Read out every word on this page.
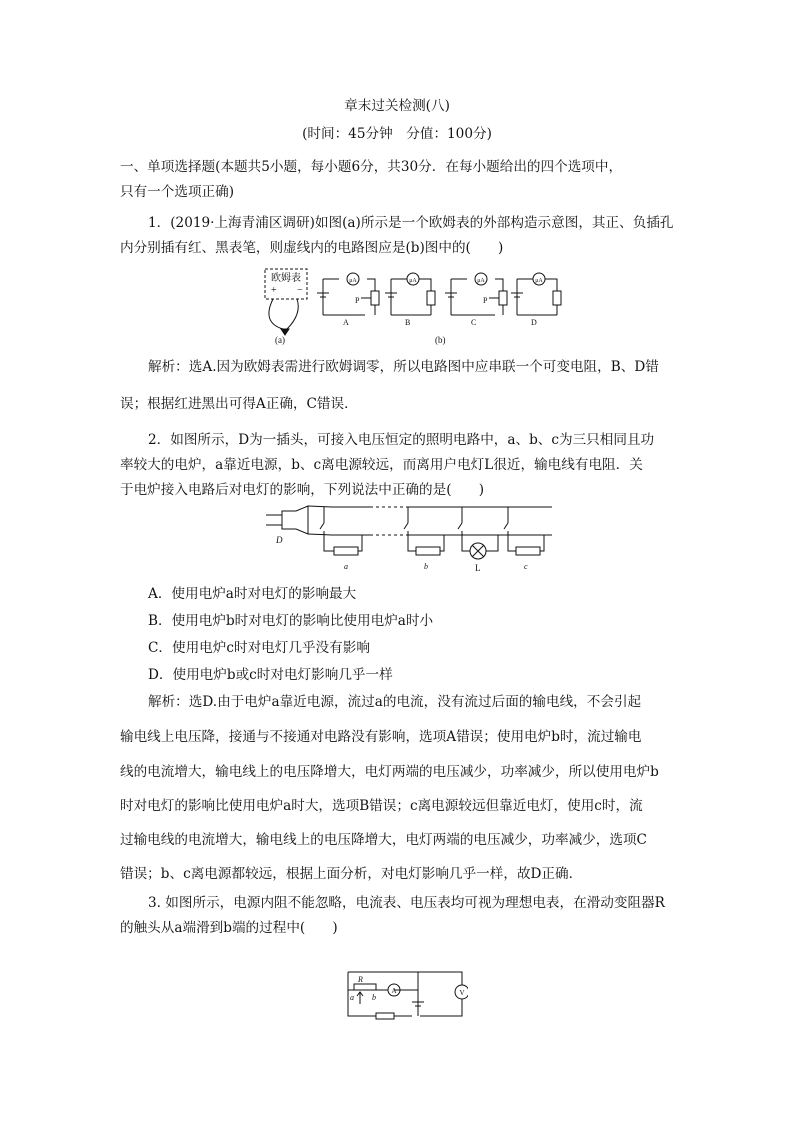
章末过关检测(八)
(时间：45分钟　分值：100分)
一、单项选择题(本题共5小题，每小题6分，共30分．在每小题给出的四个选项中，
只有一个选项正确)
1．(2019·上海青浦区调研)如图(a)所示是一个欧姆表的外部构造示意图，其正、负插孔
内分别插有红、黑表笔，则虚线内的电路图应是(b)图中的(　　)
欧姆表
+ −
(a)
μA
P
A
μA
B
μA
P
C
μA
D
(b)
解析：选A.因为欧姆表需进行欧姆调零，所以电路图中应串联一个可变电阻，B、D错
误；根据红进黑出可得A正确，C错误．
2．如图所示，D为一插头，可接入电压恒定的照明电路中，a、b、c为三只相同且功
率较大的电炉，a靠近电源，b、c离电源较远，而离用户电灯L很近，输电线有电阻．关
于电炉接入电路后对电灯的影响，下列说法中正确的是(　　)
D
a	b	L	c
A．使用电炉a时对电灯的影响最大
B．使用电炉b时对电灯的影响比使用电炉a时小
C．使用电炉c时对电灯几乎没有影响
D．使用电炉b或c时对电灯影响几乎一样
解析：选D.由于电炉a靠近电源，流过a的电流，没有流过后面的输电线，不会引起
输电线上电压降，接通与不接通对电路没有影响，选项A错误；使用电炉b时，流过输电
线的电流增大，输电线上的电压降增大，电灯两端的电压减少，功率减少，所以使用电炉b
时对电灯的影响比使用电炉a时大，选项B错误；c离电源较远但靠近电灯，使用c时，流
过输电线的电流增大，输电线上的电压降增大，电灯两端的电压减少，功率减少，选项C
错误；b、c离电源都较远，根据上面分析，对电灯影响几乎一样，故D正确．
3. 如图所示，电源内阻不能忽略，电流表、电压表均可视为理想电表，在滑动变阻器R
的触头从a端滑到b端的过程中(　　)
R
a b
A	V
